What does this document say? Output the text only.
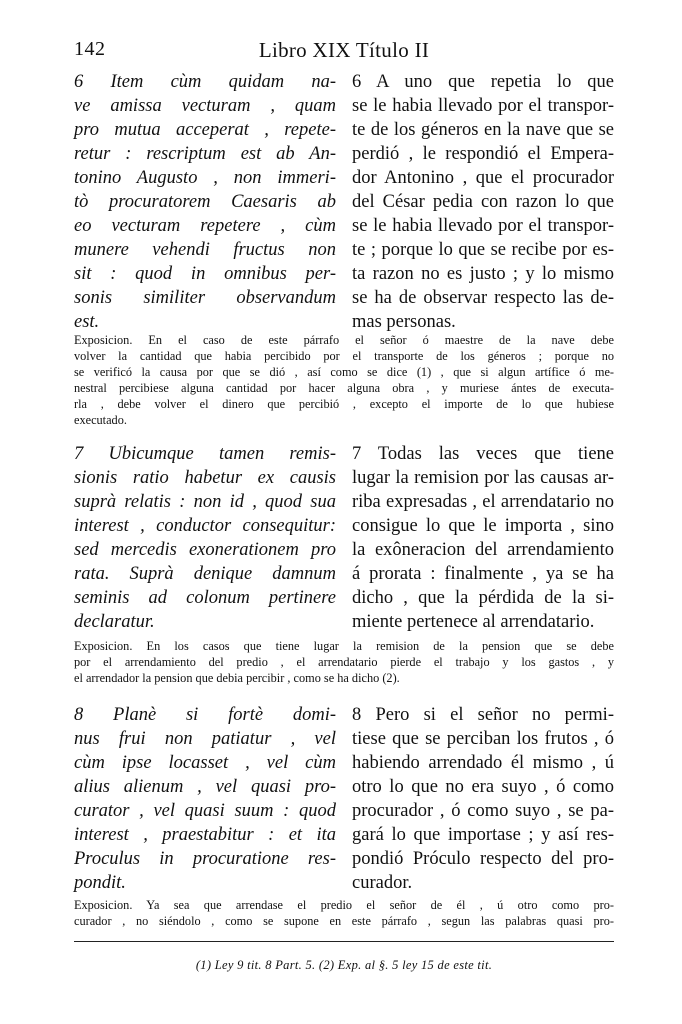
142	Libro XIX Título II
6 Item cùm quidam na-
ve amissa vecturam , quam
pro mutua acceperat , repete-
retur : rescriptum est ab An-
tonino Augusto , non immeri-
tò procuratorem Caesaris ab
eo vecturam repetere , cùm
munere vehendi fructus non
sit : quod in omnibus per-
sonis similiter observandum
est.
6 A uno que repetia lo que
se le habia llevado por el transpor-
te de los géneros en la nave que se
perdió , le respondió el Empera-
dor Antonino , que el procurador
del César pedia con razon lo que
se le habia llevado por el transpor-
te ; porque lo que se recibe por es-
ta razon no es justo ; y lo mismo
se ha de observar respecto las de-
mas personas.
Exposicion. En el caso de este párrafo el señor ó maestre de la nave debe
volver la cantidad que habia percibido por el transporte de los géneros ; porque no
se verificó la causa por que se dió , así como se dice (1) , que si algun artífice ó me-
nestral percibiese alguna cantidad por hacer alguna obra , y muriese ántes de executa-
rla , debe volver el dinero que percibió , excepto el importe de lo que hubiese
executado.
7 Ubicumque tamen remis-
sionis ratio habetur ex causis
suprà relatis : non id , quod sua
interest , conductor consequitur:
sed mercedis exonerationem pro
rata. Suprà denique damnum
seminis ad colonum pertinere
declaratur.
7 Todas las veces que tiene
lugar la remision por las causas ar-
riba expresadas , el arrendatario no
consigue lo que le importa , sino
la exôneracion del arrendamiento
á prorata : finalmente , ya se ha
dicho , que la pérdida de la si-
miente pertenece al arrendatario.
Exposicion. En los casos que tiene lugar la remision de la pension que se debe
por el arrendamiento del predio , el arrendatario pierde el trabajo y los gastos , y
el arrendador la pension que debia percibir , como se ha dicho (2).
8 Planè si fortè domi-
nus frui non patiatur , vel
cùm ipse locasset , vel cùm
alius alienum , vel quasi pro-
curator , vel quasi suum : quod
interest , praestabitur : et ita
Proculus in procuratione res-
pondit.
8 Pero si el señor no permi-
tiese que se perciban los frutos , ó
habiendo arrendado él mismo , ú
otro lo que no era suyo , ó como
procurador , ó como suyo , se pa-
gará lo que importase ; y así res-
pondió Próculo respecto del pro-
curador.
Exposicion. Ya sea que arrendase el predio el señor de él , ú otro como pro-
curador , no siéndolo , como se supone en este párrafo , segun las palabras quasi pro-
(1) Ley 9 tit. 8 Part. 5. (2) Exp. al §. 5 ley 15 de este tit.
